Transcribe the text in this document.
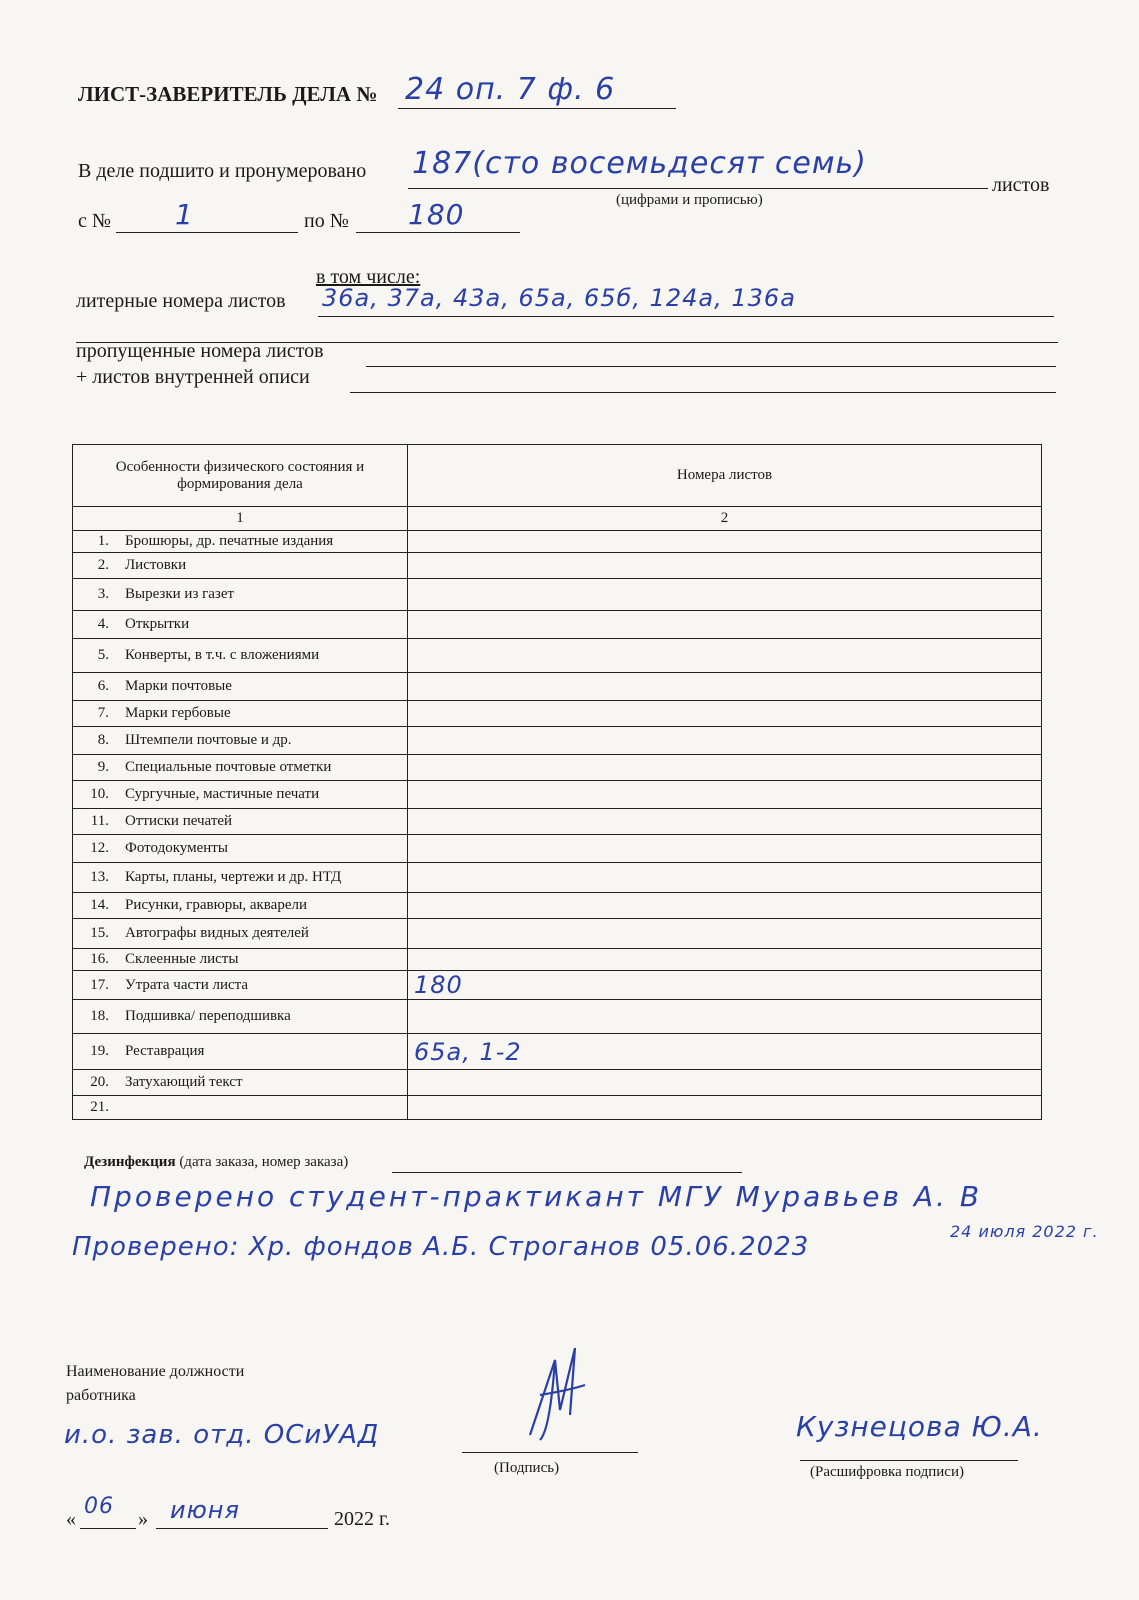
ЛИСТ-ЗАВЕРИТЕЛЬ ДЕЛА № 24 оп. 7 ф. 6
В деле подшито и пронумеровано 187(сто восемьдесят семь)
листов
(цифрами и прописью)
с № 1	по № 180
в том числе:
литерные номера листов 36а, 37а, 43а, 65а, 65б, 124а, 136а
пропущенные номера листов
+ листов внутренней описи
Особенности физического состояния и формирования дела		Номера листов
1		2
1.	Брошюры, др. печатные издания	
2.	Листовки	
3.	Вырезки из газет	
4.	Открытки	
5.	Конверты, в т.ч. с вложениями	
6.	Марки почтовые	
7.	Марки гербовые	
8.	Штемпели почтовые и др.	
9.	Специальные почтовые отметки	
10.	Сургучные, мастичные печати	
11.	Оттиски печатей	
12.	Фотодокументы	
13.	Карты, планы, чертежи и др. НТД	
14.	Рисунки, гравюры, акварели	
15.	Автографы видных деятелей	
16.	Склеенные листы	
17.	Утрата части листа	180
18.	Подшивка/ переподшивка	
19.	Реставрация	65а, 1-2
20.	Затухающий текст	
21.		
Дезинфекция (дата заказа, номер заказа)
Проверено студент-практикант МГУ Муравьев А. В
24 июля 2022 г.
Проверено: Хр. фондов А.Б. Строганов 05.06.2023
Наименование должности работника
и.о. зав. отд. ОСиУАД
(Подпись)
Кузнецова Ю.А.
(Расшифровка подписи)
« 06 » июня	2022 г.
